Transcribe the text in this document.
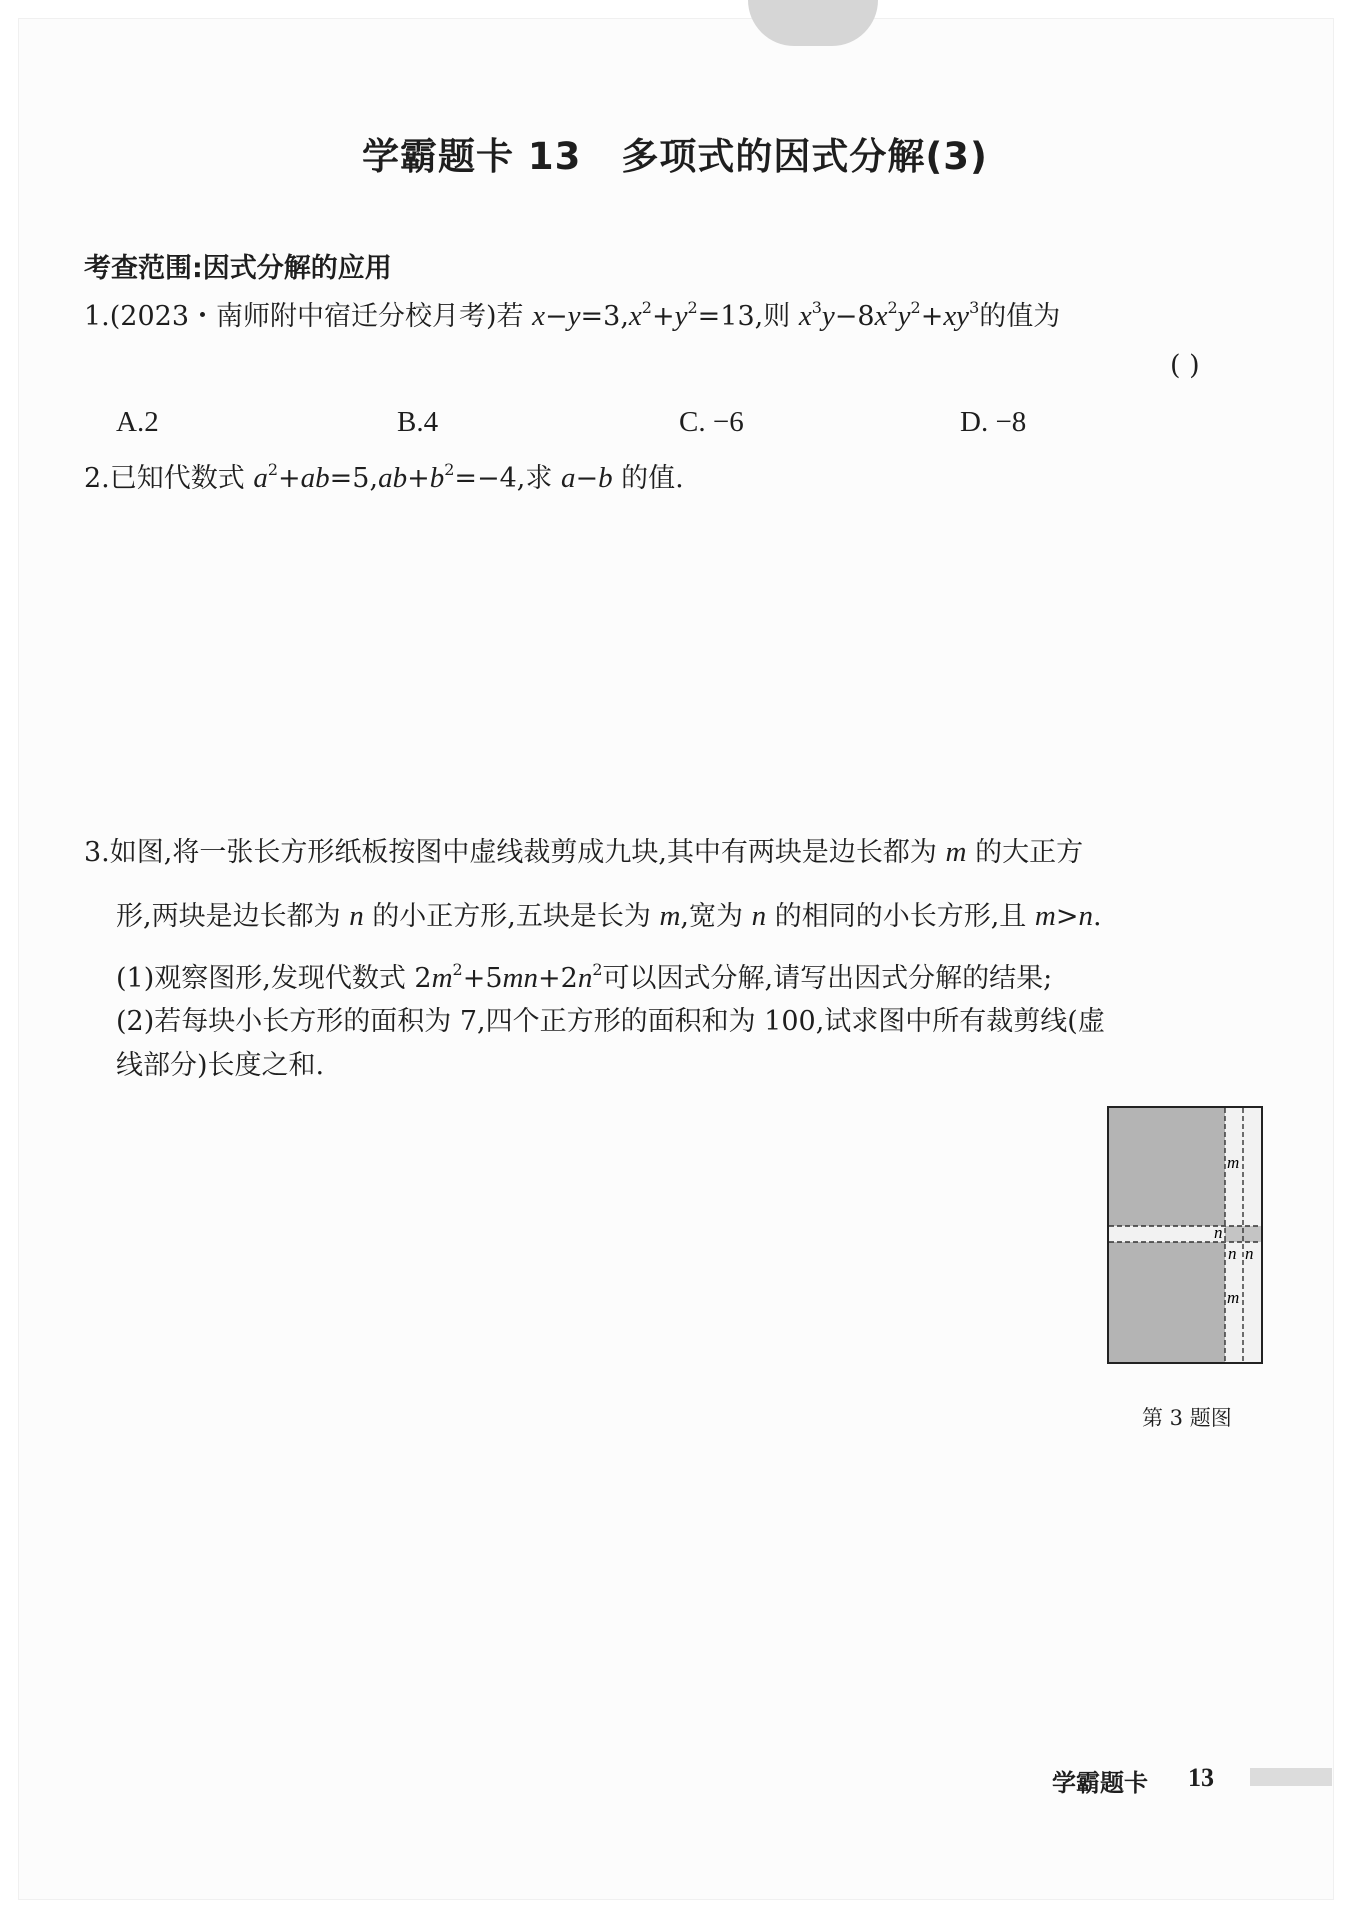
学霸题卡 13 多项式的因式分解(3)
考查范围:因式分解的应用
1.(2023・南师附中宿迁分校月考)若 $x-y=3,x^2+y^2=13$,则 $x^3y-8x^2y^2+xy^3$的值为
( )
A.2	B.4	C. −6	D. −8
2.已知代数式 $a^2+ab=5,ab+b^2=-4$,求 a−b 的值.
3.如图,将一张长方形纸板按图中虚线裁剪成九块,其中有两块是边长都为 m 的大正方
形,两块是边长都为 n 的小正方形,五块是长为 m,宽为 n 的相同的小长方形,且 m>n.
(1)观察图形,发现代数式 $2m^2+5mn+2n^2$可以因式分解,请写出因式分解的结果;
(2)若每块小长方形的面积为 7,四个正方形的面积和为 100,试求图中所有裁剪线(虚
线部分)长度之和.
m
n
n n
m
第 3 题图
学霸题卡 13
